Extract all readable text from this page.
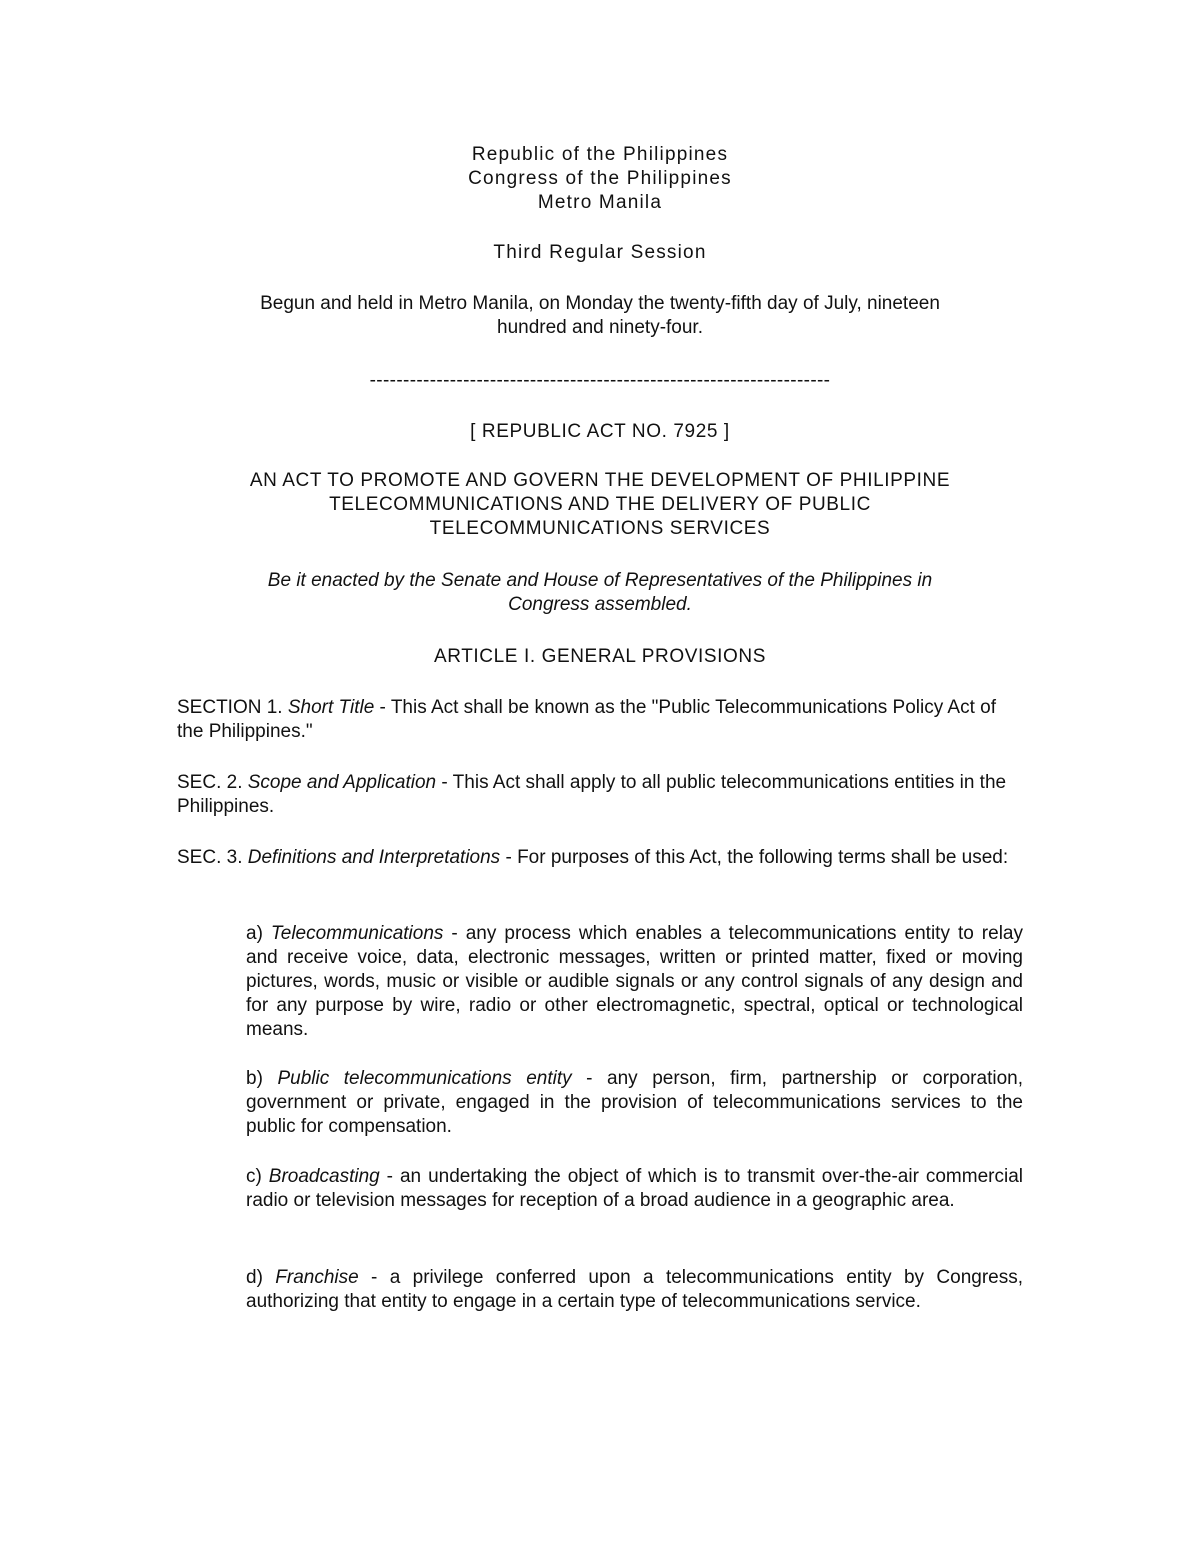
Republic of the Philippines
Congress of the Philippines
Metro Manila
Third Regular Session
Begun and held in Metro Manila, on Monday the twenty-fifth day of July, nineteen
hundred and ninety-four.
---------------------------------------------------------------------
[ REPUBLIC ACT NO. 7925 ]
AN ACT TO PROMOTE AND GOVERN THE DEVELOPMENT OF PHILIPPINE
TELECOMMUNICATIONS AND THE DELIVERY OF PUBLIC
TELECOMMUNICATIONS SERVICES
Be it enacted by the Senate and House of Representatives of the Philippines in
Congress assembled.
ARTICLE I. GENERAL PROVISIONS

SECTION 1. Short Title - This Act shall be known as the "Public Telecommunications Policy Act of the Philippines."

SEC. 2. Scope and Application - This Act shall apply to all public telecommunications entities in the Philippines.

SEC. 3. Definitions and Interpretations - For purposes of this Act, the following terms shall be used:

a) Telecommunications - any process which enables a telecommunications entity to relay and receive voice, data, electronic messages, written or printed matter, fixed or moving pictures, words, music or visible or audible signals or any control signals of any design and for any purpose by wire, radio or other electromagnetic, spectral, optical or technological means.

b) Public telecommunications entity - any person, firm, partnership or corporation, government or private, engaged in the provision of telecommunications services to the public for compensation.

c) Broadcasting - an undertaking the object of which is to transmit over-the-air commercial radio or television messages for reception of a broad audience in a geographic area.

d) Franchise - a privilege conferred upon a telecommunications entity by Congress, authorizing that entity to engage in a certain type of telecommunications service.
